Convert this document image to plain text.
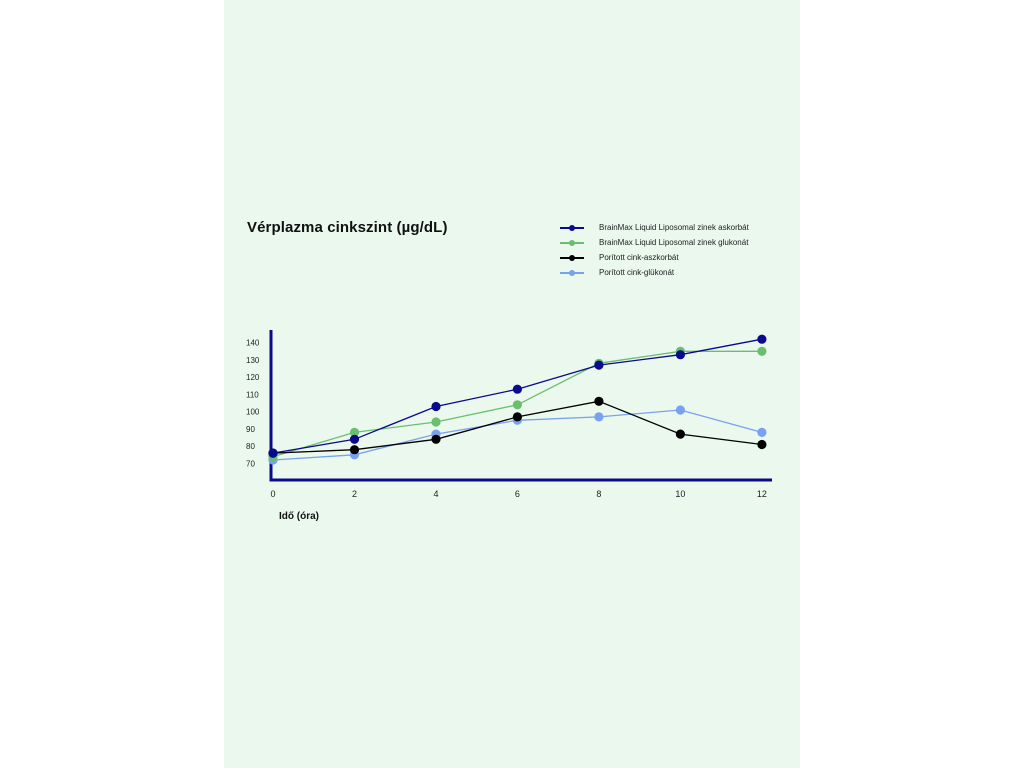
Vérplazma cinkszint (µg/dL)	BrainMax Liquid Liposomal zinek askorbát
BrainMax Liquid Liposomal zinek glukonát
Porított cink-aszkorbát
Porított cink-glükonát
140
130
120
110
100
90
80
70
0	2	4	6	8	10	12
Idő (óra)
